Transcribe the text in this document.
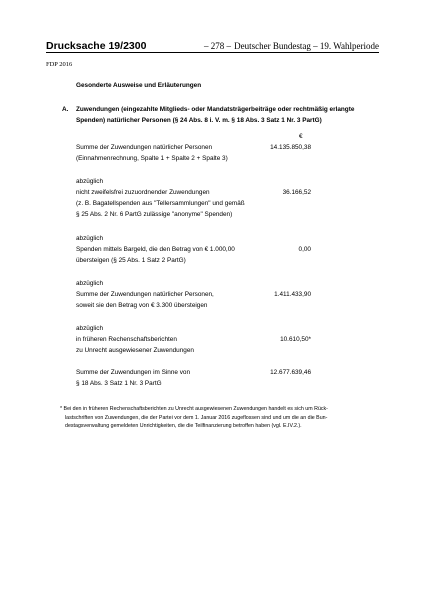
Drucksache 19/2300	– 278 – Deutscher Bundestag – 19. Wahlperiode
FDP 2016
Gesonderte Ausweise und Erläuterungen
A. Zuwendungen (eingezahlte Mitglieds- oder Mandatsträgerbeiträge oder rechtmäßig erlangte
Spenden) natürlicher Personen (§ 24 Abs. 8 i. V. m. § 18 Abs. 3 Satz 1 Nr. 3 PartG)
€
Summe der Zuwendungen natürlicher Personen
(Einnahmenrechnung, Spalte 1 + Spalte 2 + Spalte 3)
14.135.850,38
abzüglich
nicht zweifelsfrei zuzuordnender Zuwendungen
(z. B. Bagatellspenden aus "Tellersammlungen" und gemäß
§ 25 Abs. 2 Nr. 6 PartG zulässige "anonyme" Spenden)
36.166,52
abzüglich
Spenden mittels Bargeld, die den Betrag von € 1.000,00
übersteigen (§ 25 Abs. 1 Satz 2 PartG)
0,00
abzüglich
Summe der Zuwendungen natürlicher Personen,
soweit sie den Betrag von € 3.300 übersteigen
1.411.433,90
abzüglich
in früheren Rechenschaftsberichten
zu Unrecht ausgewiesener Zuwendungen
10.610,50*
Summe der Zuwendungen im Sinne von
§ 18 Abs. 3 Satz 1 Nr. 3 PartG
12.677.639,46
* Bei den in früheren Rechenschaftsberichten zu Unrecht ausgewiesenen Zuwendungen handelt es sich um Rück-
lastschriften von Zuwendungen, die der Partei vor dem 1. Januar 2016 zugeflossen sind und um die an die Bun-
destagsverwaltung gemeldeten Unrichtigkeiten, die die Teilfinanzierung betroffen haben (vgl. E.IV.2.).
